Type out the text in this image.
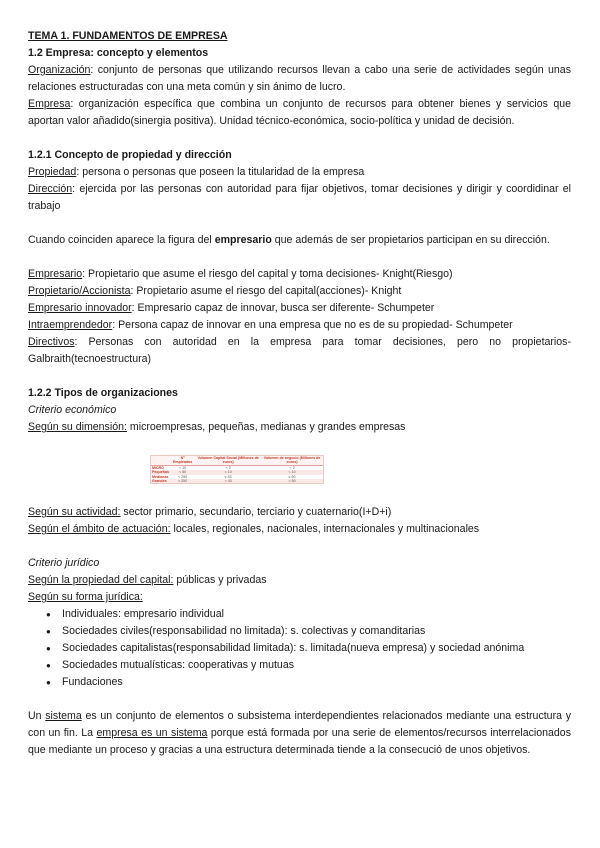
TEMA 1. FUNDAMENTOS DE EMPRESA

1.2 Empresa: concepto y elementos

Organización: conjunto de personas que utilizando recursos llevan a cabo una serie de actividades según unas relaciones estructuradas con una meta común y sin ánimo de lucro.

Empresa: organización específica que combina un conjunto de recursos para obtener bienes y servicios que aportan valor añadido(sinergia positiva). Unidad técnico-económica, socio-política y unidad de decisión.

1.2.1 Concepto de propiedad y dirección

Propiedad: persona o personas que poseen la titularidad de la empresa

Dirección: ejercida por las personas con autoridad para fijar objetivos, tomar decisiones y dirigir y coordidinar el trabajo

Cuando coinciden aparece la figura del empresario que además de ser propietarios participan en su dirección.

Empresario: Propietario que asume el riesgo del capital y toma decisiones- Knight(Riesgo)

Propietario/Accionista: Propietario asume el riesgo del capital(acciones)- Knight

Empresario innovador: Empresario capaz de innovar, busca ser diferente- Schumpeter

Intraemprendedor: Persona capaz de innovar en una empresa que no es de su propiedad- Schumpeter

Directivos: Personas con autoridad en la empresa para tomar decisiones, pero no propietarios- Galbraith(tecnoestructura)

1.2.2 Tipos de organizaciones

Criterio económico

Según su dimensión: microempresas, pequeñas, medianas y grandes empresas

Según su actividad: sector primario, secundario, terciario y cuaternario(I+D+i)

Según el ámbito de actuación: locales, regionales, nacionales, internacionales y multinacionales

Criterio jurídico

Según la propiedad del capital: públicas y privadas

Según su forma jurídica:

● Individuales: empresario individual
● Sociedades civiles(responsabilidad no limitada): s. colectivas y comanditarias
● Sociedades capitalistas(responsabilidad limitada): s. limitada(nueva empresa) y sociedad anónima
● Sociedades mutualísticas: cooperativas y mutuas
● Fundaciones

Un sistema es un conjunto de elementos o subsistema interdependientes relacionados mediante una estructura y con un fin. La empresa es un sistema porque está formada por una serie de elementos/recursos interrelacionados que mediante un proceso y gracias a una estructura determinada tiende a la consecució de unos objetivos.

	Nº Empleados	Volumen Capital Social (Millones de euros)	Volumen de negocio (Millones de euros)
MICRO	< 10	< 2	< 2
Pequeñas	< 50	< 10	< 10
Medianas	< 250	≤ 43	≤ 50
Grandes	> 250	> 43	> 50
